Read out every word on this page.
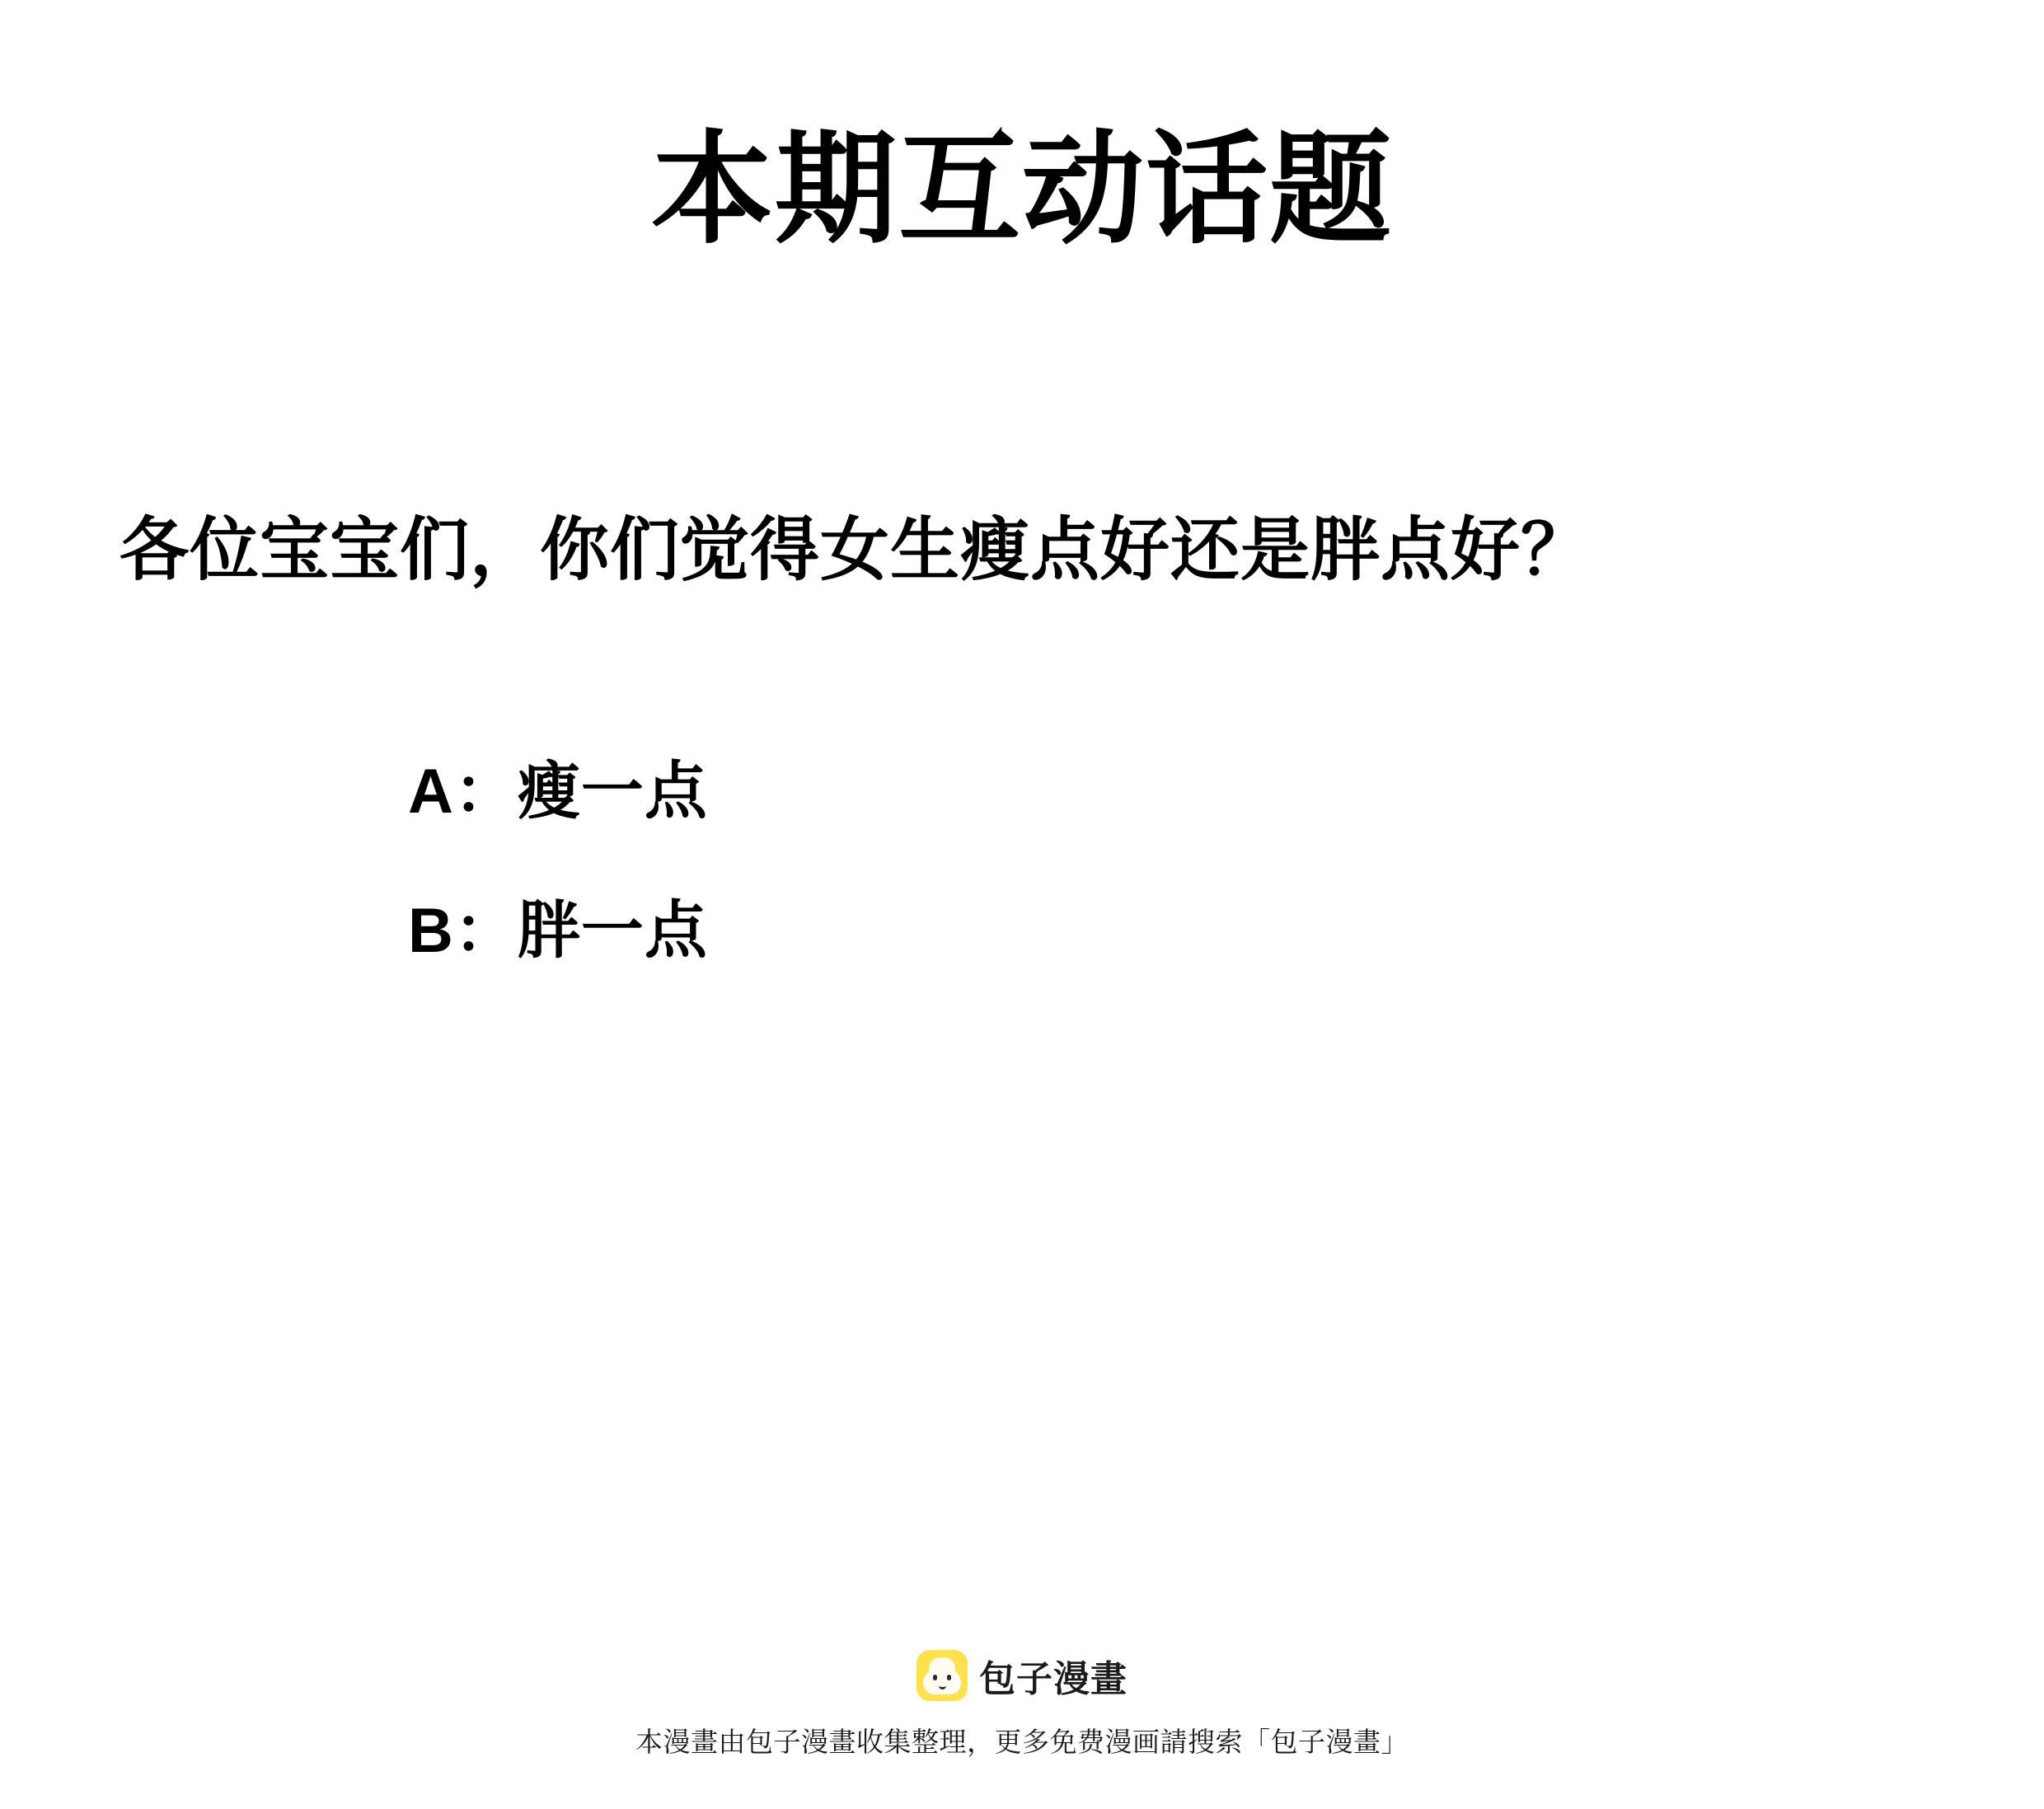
本期互动话题
各位宝宝们，你们觉得女生瘦点好还是胖点好？
A： 瘦一点
B： 胖一点
包子漫畫
本漫畫由包子漫畫收集整理，更多免费漫画請搜索「包子漫畫」
